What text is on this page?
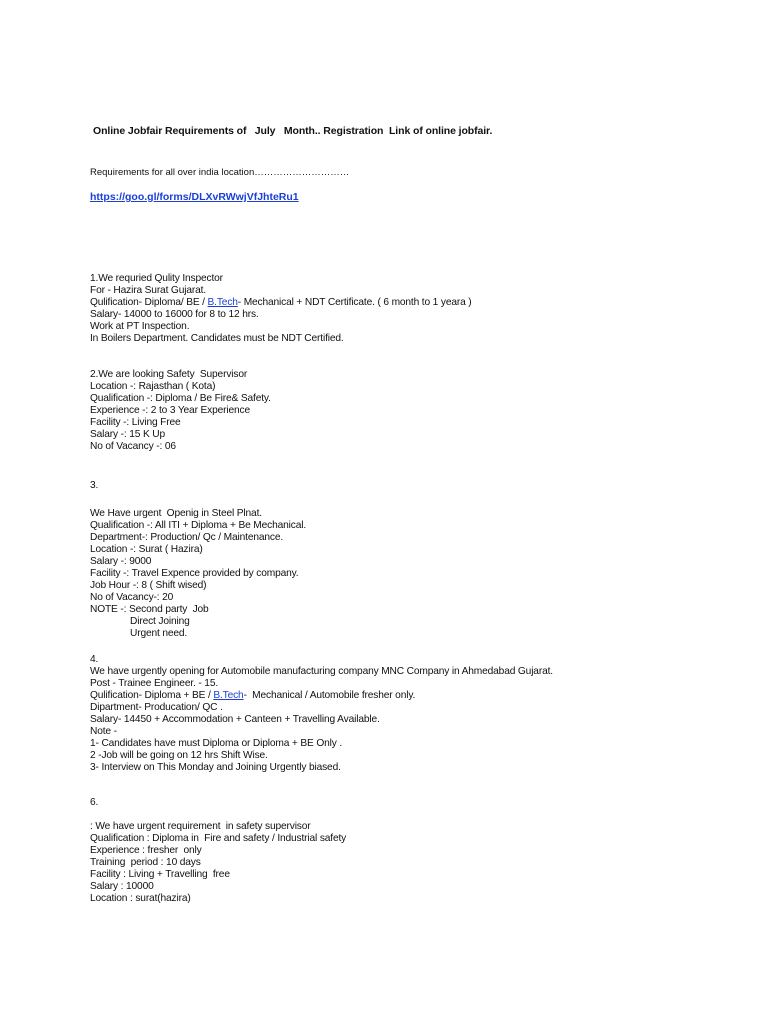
Online Jobfair Requirements of   July   Month.. Registration  Link of online jobfair.
Requirements for all over india location…………………………
https://goo.gl/forms/DLXvRWwjVfJhteRu1
1.We requried Qulity Inspector
For - Hazira Surat Gujarat.
Qulification- Diploma/ BE / B.Tech- Mechanical + NDT Certificate. ( 6 month to 1 yeara )
Salary- 14000 to 16000 for 8 to 12 hrs.
Work at PT Inspection.
In Boilers Department. Candidates must be NDT Certified.
2.We are looking Safety  Supervisor
Location -: Rajasthan ( Kota)
Qualification -: Diploma / Be Fire& Safety.
Experience -: 2 to 3 Year Experience
Facility -: Living Free
Salary -: 15 K Up
No of Vacancy -: 06
3.
We Have urgent  Openig in Steel Plnat.
Qualification -: All ITI + Diploma + Be Mechanical.
Department-: Production/ Qc / Maintenance.
Location -: Surat ( Hazira)
Salary -: 9000
Facility -: Travel Expence provided by company.
Job Hour -: 8 ( Shift wised)
No of Vacancy-: 20
NOTE -: Second party  Job
Direct Joining
Urgent need.
4.
We have urgently opening for Automobile manufacturing company MNC Company in Ahmedabad Gujarat.
Post - Trainee Engineer. - 15.
Qulification- Diploma + BE / B.Tech-  Mechanical / Automobile fresher only.
Dipartment- Producation/ QC .
Salary- 14450 + Accommodation + Canteen + Travelling Available.
Note -
1- Candidates have must Diploma or Diploma + BE Only .
2 -Job will be going on 12 hrs Shift Wise.
3- Interview on This Monday and Joining Urgently biased.
6.
: We have urgent requirement  in safety supervisor
Qualification : Diploma in  Fire and safety / Industrial safety
Experience : fresher  only
Training  period : 10 days
Facility : Living + Travelling  free
Salary : 10000
Location : surat(hazira)
